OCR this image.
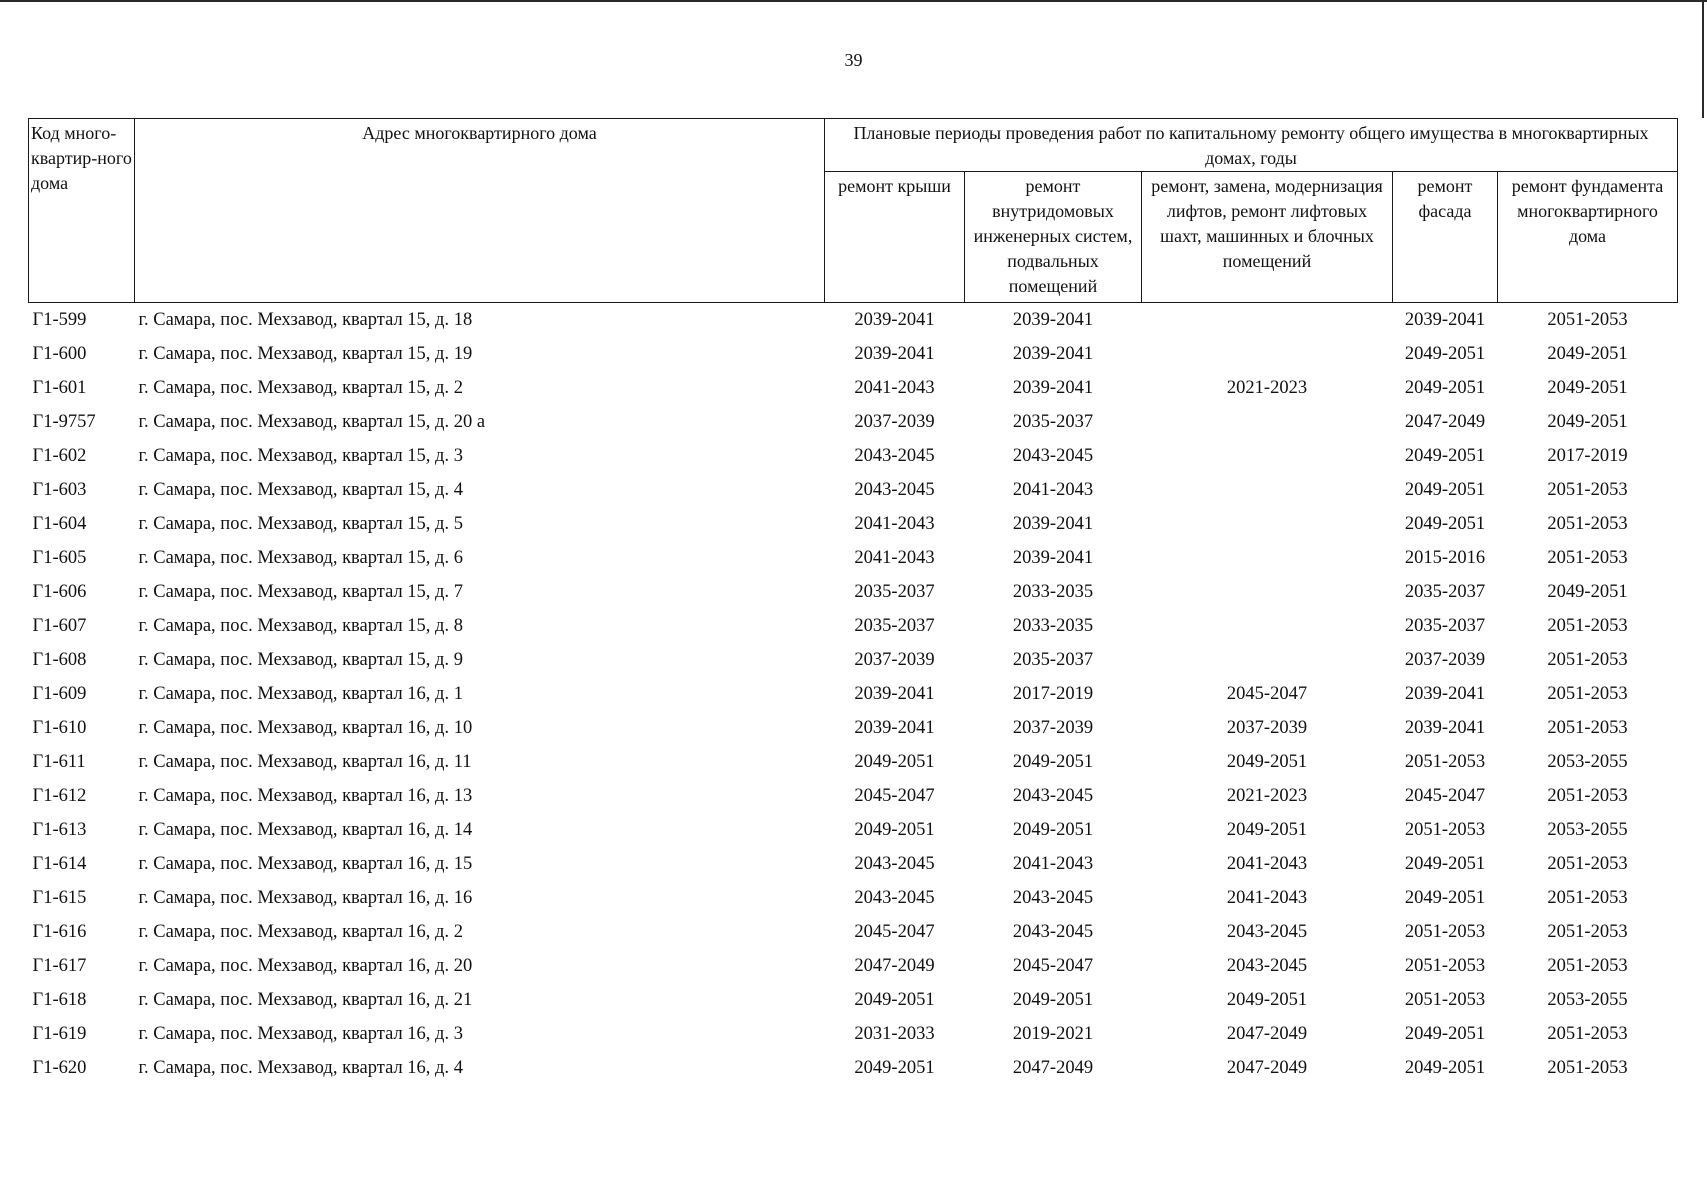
39
Код много-квартир-ного дома	Адрес многоквартирного дома	Плановые периоды проведения работ по капитальному ремонту общего имущества в многоквартирных домах, годы				
		ремонт крыши	ремонт внутридомовых инженерных систем, подвальных помещений	ремонт, замена, модернизация лифтов, ремонт лифтовых шахт, машинных и блочных помещений	ремонт фасада	ремонт фундамента многоквартирного дома
Г1-599	г. Самара, пос. Мехзавод, квартал 15, д. 18	2039-2041	2039-2041		2039-2041	2051-2053
Г1-600	г. Самара, пос. Мехзавод, квартал 15, д. 19	2039-2041	2039-2041		2049-2051	2049-2051
Г1-601	г. Самара, пос. Мехзавод, квартал 15, д. 2	2041-2043	2039-2041	2021-2023	2049-2051	2049-2051
Г1-9757	г. Самара, пос. Мехзавод, квартал 15, д. 20 а	2037-2039	2035-2037		2047-2049	2049-2051
Г1-602	г. Самара, пос. Мехзавод, квартал 15, д. 3	2043-2045	2043-2045		2049-2051	2017-2019
Г1-603	г. Самара, пос. Мехзавод, квартал 15, д. 4	2043-2045	2041-2043		2049-2051	2051-2053
Г1-604	г. Самара, пос. Мехзавод, квартал 15, д. 5	2041-2043	2039-2041		2049-2051	2051-2053
Г1-605	г. Самара, пос. Мехзавод, квартал 15, д. 6	2041-2043	2039-2041		2015-2016	2051-2053
Г1-606	г. Самара, пос. Мехзавод, квартал 15, д. 7	2035-2037	2033-2035		2035-2037	2049-2051
Г1-607	г. Самара, пос. Мехзавод, квартал 15, д. 8	2035-2037	2033-2035		2035-2037	2051-2053
Г1-608	г. Самара, пос. Мехзавод, квартал 15, д. 9	2037-2039	2035-2037		2037-2039	2051-2053
Г1-609	г. Самара, пос. Мехзавод, квартал 16, д. 1	2039-2041	2017-2019	2045-2047	2039-2041	2051-2053
Г1-610	г. Самара, пос. Мехзавод, квартал 16, д. 10	2039-2041	2037-2039	2037-2039	2039-2041	2051-2053
Г1-611	г. Самара, пос. Мехзавод, квартал 16, д. 11	2049-2051	2049-2051	2049-2051	2051-2053	2053-2055
Г1-612	г. Самара, пос. Мехзавод, квартал 16, д. 13	2045-2047	2043-2045	2021-2023	2045-2047	2051-2053
Г1-613	г. Самара, пос. Мехзавод, квартал 16, д. 14	2049-2051	2049-2051	2049-2051	2051-2053	2053-2055
Г1-614	г. Самара, пос. Мехзавод, квартал 16, д. 15	2043-2045	2041-2043	2041-2043	2049-2051	2051-2053
Г1-615	г. Самара, пос. Мехзавод, квартал 16, д. 16	2043-2045	2043-2045	2041-2043	2049-2051	2051-2053
Г1-616	г. Самара, пос. Мехзавод, квартал 16, д. 2	2045-2047	2043-2045	2043-2045	2051-2053	2051-2053
Г1-617	г. Самара, пос. Мехзавод, квартал 16, д. 20	2047-2049	2045-2047	2043-2045	2051-2053	2051-2053
Г1-618	г. Самара, пос. Мехзавод, квартал 16, д. 21	2049-2051	2049-2051	2049-2051	2051-2053	2053-2055
Г1-619	г. Самара, пос. Мехзавод, квартал 16, д. 3	2031-2033	2019-2021	2047-2049	2049-2051	2051-2053
Г1-620	г. Самара, пос. Мехзавод, квартал 16, д. 4	2049-2051	2047-2049	2047-2049	2049-2051	2051-2053
